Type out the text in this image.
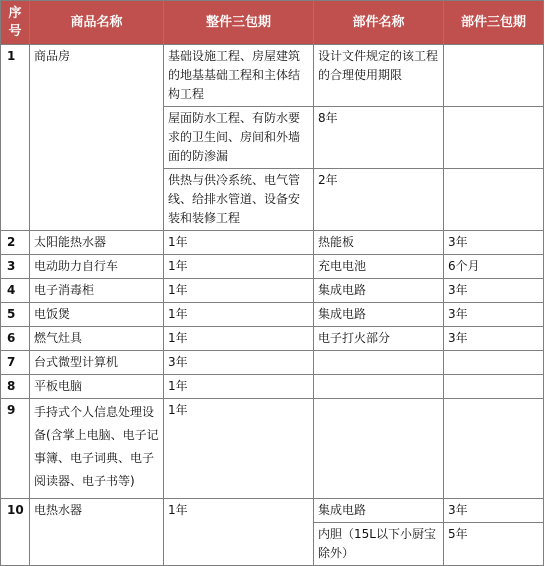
序号	商品名称	整件三包期	部件名称	部件三包期
1	商品房	基础设施工程、房屋建筑的地基基础工程和主体结构工程	设计文件规定的该工程的合理使用期限	
		屋面防水工程、有防水要求的卫生间、房间和外墙面的防渗漏	8年	
		供热与供冷系统、电气管线、给排水管道、设备安装和装修工程	2年	
2	太阳能热水器	1年	热能板	3年
3	电动助力自行车	1年	充电电池	6个月
4	电子消毒柜	1年	集成电路	3年
5	电饭煲	1年	集成电路	3年
6	燃气灶具	1年	电子打火部分	3年
7	台式微型计算机	3年		
8	平板电脑	1年		
9	手持式个人信息处理设备(含掌上电脑、电子记事簿、电子词典、电子阅读器、电子书等)	1年		
10	电热水器	1年	集成电路	3年
			内胆（15L以下小厨宝除外）	5年
